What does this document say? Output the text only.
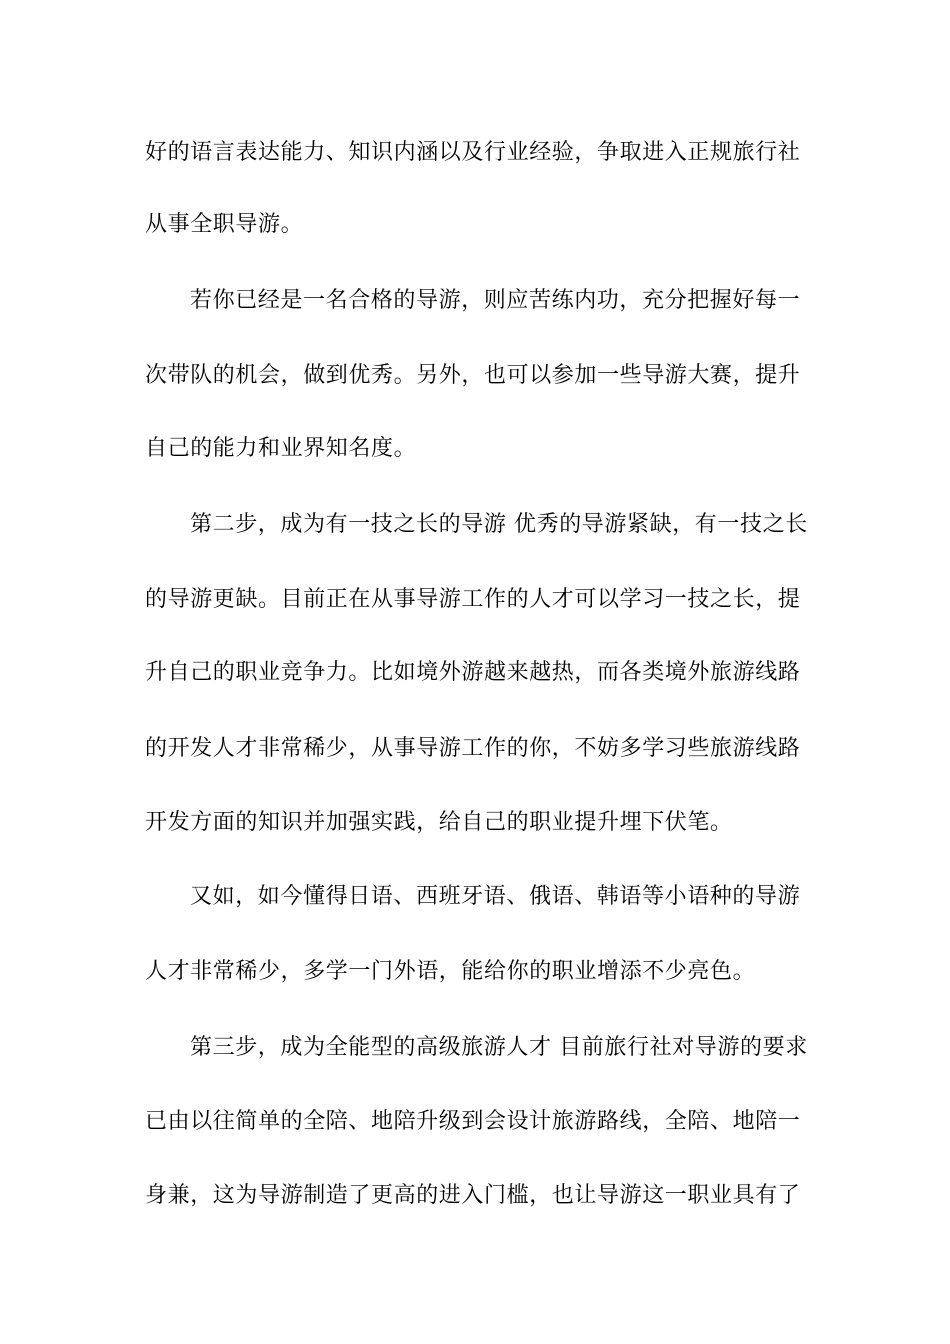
好的语言表达能力、知识内涵以及行业经验，争取进入正规旅行社
从事全职导游。
若你已经是一名合格的导游，则应苦练内功，充分把握好每一
次带队的机会，做到优秀。另外，也可以参加一些导游大赛，提升
自己的能力和业界知名度。
第二步，成为有一技之长的导游 优秀的导游紧缺，有一技之长
的导游更缺。目前正在从事导游工作的人才可以学习一技之长，提
升自己的职业竞争力。比如境外游越来越热，而各类境外旅游线路
的开发人才非常稀少，从事导游工作的你，不妨多学习些旅游线路
开发方面的知识并加强实践，给自己的职业提升埋下伏笔。
又如，如今懂得日语、西班牙语、俄语、韩语等小语种的导游
人才非常稀少，多学一门外语，能给你的职业增添不少亮色。
第三步，成为全能型的高级旅游人才 目前旅行社对导游的要求
已由以往简单的全陪、地陪升级到会设计旅游路线，全陪、地陪一
身兼，这为导游制造了更高的进入门槛，也让导游这一职业具有了
